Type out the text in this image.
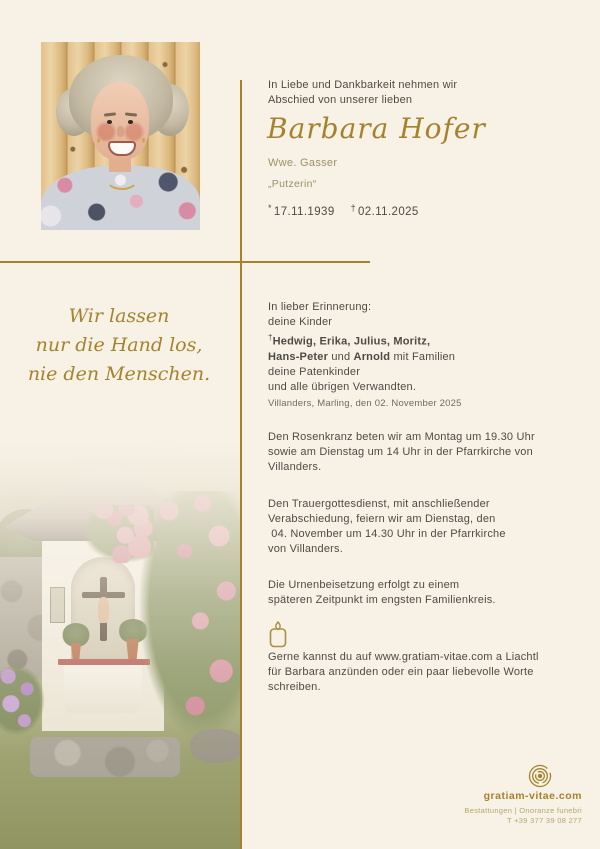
In Liebe und Dankbarkeit nehmen wir
Abschied von unserer lieben
Barbara Hofer
Wwe. Gasser
„Putzerin“
* 17.11.1939 † 02.11.2025
Wir lassen
nur die Hand los,
nie den Menschen.
In lieber Erinnerung:
deine Kinder
†Hedwig, Erika, Julius, Moritz,
Hans-Peter und Arnold mit Familien
deine Patenkinder
und alle übrigen Verwandten.
Villanders, Marling, den 02. November 2025
Den Rosenkranz beten wir am Montag um 19.30 Uhr
sowie am Dienstag um 14 Uhr in der Pfarrkirche von
Villanders.
Den Trauergottesdienst, mit anschließender
Verabschiedung, feiern wir am Dienstag, den
04. November um 14.30 Uhr in der Pfarrkirche
von Villanders.
Die Urnenbeisetzung erfolgt zu einem
späteren Zeitpunkt im engsten Familienkreis.
Gerne kannst du auf www.gratiam-vitae.com a Liachtl
für Barbara anzünden oder ein paar liebevolle Worte
schreiben.
gratiam-vitae.com
Bestattungen | Onoranze funebri
T +39 377 39 08 277
